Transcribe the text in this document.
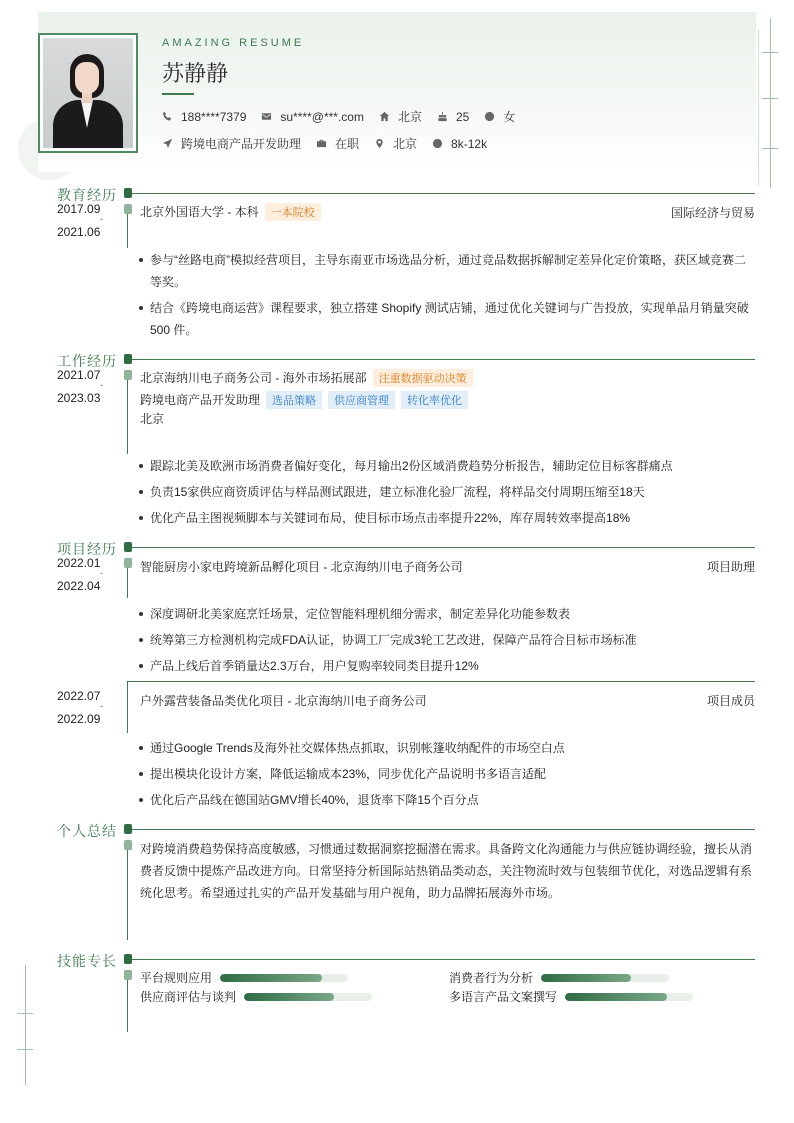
AMAZING RESUME
苏静静
188****7379	su****@***.com	北京	25	女
跨境电商产品开发助理	在职	北京	8k-12k
教育经历
2017.09
-
2021.06
北京外国语大学 - 本科 一本院校	国际经济与贸易
参与“丝路电商”模拟经营项目，主导东南亚市场选品分析，通过竞品数据拆解制定差异化定价策略，获区域竞赛二
等奖。
结合《跨境电商运营》课程要求，独立搭建 Shopify 测试店铺，通过优化关键词与广告投放，实现单品月销量突破
500 件。
工作经历
2021.07
-
2023.03
北京海纳川电子商务公司 - 海外市场拓展部 注重数据驱动决策
跨境电商产品开发助理 选品策略 供应商管理 转化率优化
北京
跟踪北美及欧洲市场消费者偏好变化，每月输出2份区域消费趋势分析报告，辅助定位目标客群痛点
负责15家供应商资质评估与样品测试跟进，建立标准化验厂流程，将样品交付周期压缩至18天
优化产品主图视频脚本与关键词布局，使目标市场点击率提升22%，库存周转效率提高18%
项目经历
2022.01
-
2022.04
智能厨房小家电跨境新品孵化项目 - 北京海纳川电子商务公司	项目助理
深度调研北美家庭烹饪场景，定位智能料理机细分需求，制定差异化功能参数表
统筹第三方检测机构完成FDA认证，协调工厂完成3轮工艺改进，保障产品符合目标市场标准
产品上线后首季销量达2.3万台，用户复购率较同类目提升12%
2022.07
-
2022.09
户外露营装备品类优化项目 - 北京海纳川电子商务公司	项目成员
通过Google Trends及海外社交媒体热点抓取，识别帐篷收纳配件的市场空白点
提出模块化设计方案，降低运输成本23%，同步优化产品说明书多语言适配
优化后产品线在德国站GMV增长40%，退货率下降15个百分点
个人总结
对跨境消费趋势保持高度敏感，习惯通过数据洞察挖掘潜在需求。具备跨文化沟通能力与供应链协调经验，擅长从消
费者反馈中提炼产品改进方向。日常坚持分析国际站热销品类动态，关注物流时效与包装细节优化，对选品逻辑有系
统化思考。希望通过扎实的产品开发基础与用户视角，助力品牌拓展海外市场。
技能专长
平台规则应用	消费者行为分析
供应商评估与谈判	多语言产品文案撰写
